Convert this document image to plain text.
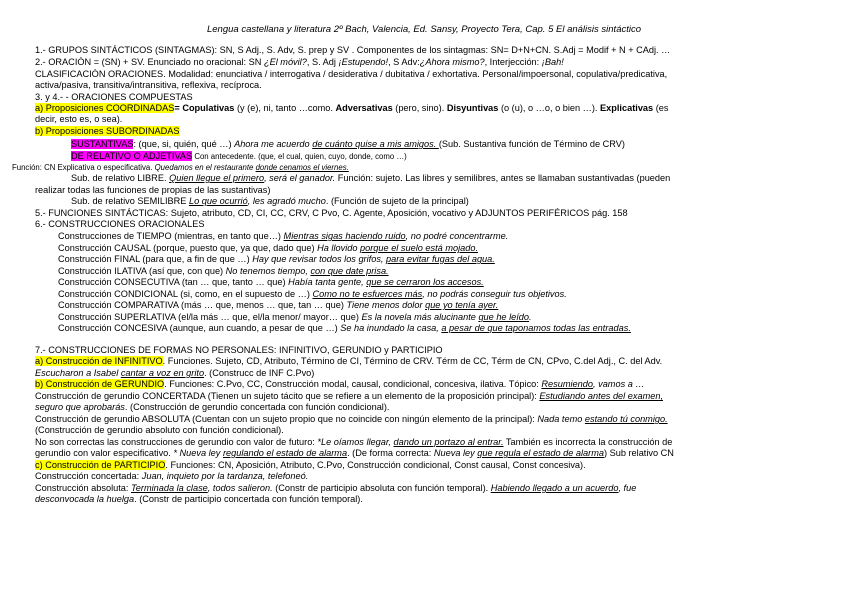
Lengua castellana y literatura 2º Bach, Valencia, Ed. Sansy, Proyecto Tera, Cap. 5 El análisis sintáctico
1.- GRUPOS SINTÁCTICOS (SINTAGMAS): SN, S Adj., S. Adv, S. prep y SV . Componentes de los sintagmas: SN= D+N+CN. S.Adj = Modif + N + CAdj. …
2.- ORACIÓN = (SN) + SV. Enunciado no oracional: SN ¿El móvil?, S. Adj ¡Estupendo!, S Adv:¿Ahora mismo?, Interjección: ¡Bah!
CLASIFICACIÓN ORACIONES. Modalidad: enunciativa / interrogativa / desiderativa / dubitativa / exhortativa. Personal/impoersonal, copulativa/predicativa,
activa/pasiva, transitiva/intransitiva, reflexiva, recíproca.
3. y 4.- - ORACIONES COMPUESTAS
a) Proposiciones COORDINADAS= Copulativas (y (e), ni, tanto …como. Adversativas (pero, sino). Disyuntivas (o (u), o …o, o bien …). Explicativas (es
decir, esto es, o sea).
b) Proposiciones SUBORDINADAS
SUSTANTIVAS: (que, si, quién, qué …) Ahora me acuerdo de cuánto quise a mis amigos. (Sub. Sustantiva función de Término de CRV)
DE RELATIVO O ADJETIVAS Con antecedente. (que, el cual, quien, cuyo, donde, como …)
Función: CN Explicativa o especificativa. Quedamos en el restaurante donde cenamos el viernes.
Sub. de relativo LIBRE. Quien llegue el primero, será el ganador. Función: sujeto. Las libres y semilibres, antes se llamaban sustantivadas (pueden
realizar todas las funciones de propias de las sustantivas)
Sub. de relativo SEMILIBRE Lo que ocurrió, les agradó mucho. (Función de sujeto de la principal)
5.- FUNCIONES SINTÁCTICAS: Sujeto, atributo, CD, CI, CC, CRV, C Pvo, C. Agente, Aposición, vocativo y ADJUNTOS PERIFÉRICOS pág. 158
6.- CONSTRUCCIONES ORACIONALES
Construcciones de TIEMPO (mientras, en tanto que…) Mientras sigas haciendo ruido, no podré concentrarme.
Construcción CAUSAL (porque, puesto que, ya que, dado que) Ha llovido porque el suelo está mojado.
Construcción FINAL (para que, a fin de que …) Hay que revisar todos los grifos, para evitar fugas del agua.
Construcción ILATIVA (así que, con que) No tenemos tiempo, con que date prisa.
Construcción CONSECUTIVA (tan … que, tanto … que) Había tanta gente, que se cerraron los accesos.
Construcción CONDICIONAL (si, como, en el supuesto de …) Como no te esfuerces más, no podrás conseguir tus objetivos.
Construcción COMPARATIVA (más … que, menos … que, tan … que) Tiene menos dolor que yo tenía ayer.
Construcción SUPERLATIVA (el/la más … que, el/la menor/ mayor… que) Es la novela más alucinante que he leído.
Construcción CONCESIVA (aunque, aun cuando, a pesar de que …) Se ha inundado la casa, a pesar de que taponamos todas las entradas.
7.- CONSTRUCCIONES DE FORMAS NO PERSONALES: INFINITIVO, GERUNDIO y PARTICIPIO
a) Construcción de INFINITIVO. Funciones. Sujeto, CD, Atributo, Término de CI, Término de CRV. Térm de CC, Térm de CN, CPvo, C.del Adj., C. del Adv.
Escucharon a Isabel cantar a voz en grito. (Construcc de INF C.Pvo)
b) Construcción de GERUNDIO. Funciones: C.Pvo, CC, Construcción modal, causal, condicional, concesiva, ilativa. Tópico: Resumiendo, vamos a …
Construcción de gerundio CONCERTADA (Tienen un sujeto tácito que se refiere a un elemento de la proposición principal): Estudiando antes del examen,
seguro que aprobarás. (Construcción de gerundio concertada con función condicional).
Construcción de gerundio ABSOLUTA (Cuentan con un sujeto propio que no coincide con ningún elemento de la principal): Nada temo estando tú conmigo.
(Construcción de gerundio absoluto con función condicional).
No son correctas las construcciones de gerundio con valor de futuro: *Le oíamos llegar, dando un portazo al entrar. También es incorrecta la construcción de
gerundio con valor especificativo. * Nueva ley regulando el estado de alarma. (De forma correcta: Nueva ley que regula el estado de alarma) Sub relativo CN
c) Construcción de PARTICIPIO. Funciones: CN, Aposición, Atributo, C.Pvo, Construcción condicional, Const causal, Const concesiva).
Construcción concertada: Juan, inquieto por la tardanza, telefoneó.
Construcción absoluta: Terminada la clase, todos salieron. (Constr de participio absoluta con función temporal). Habiendo llegado a un acuerdo, fue
desconvocada la huelga. (Constr de participio concertada con función temporal).
